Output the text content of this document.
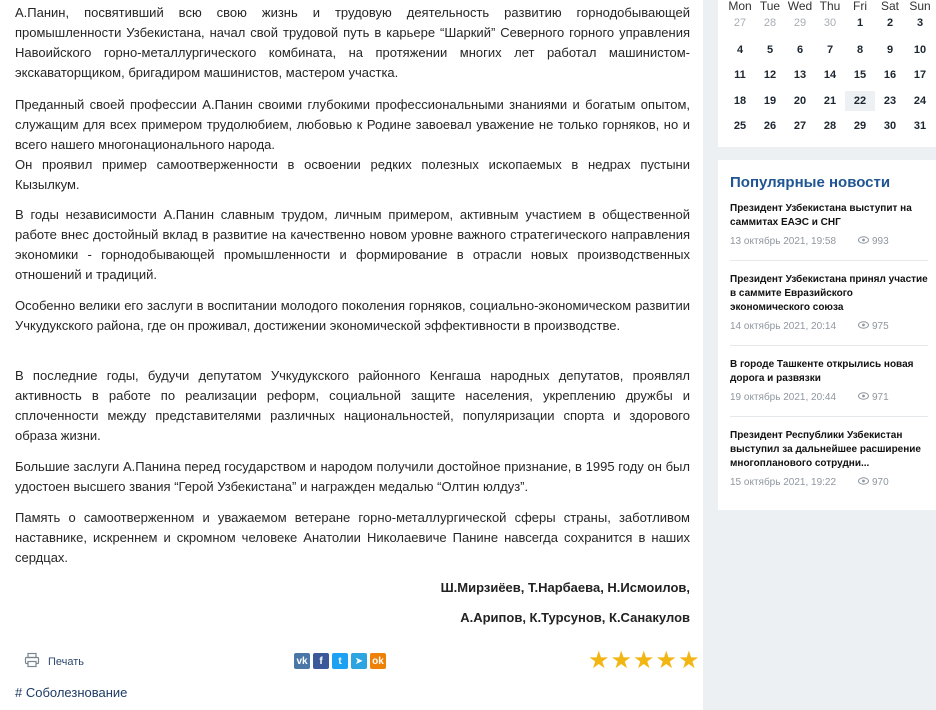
А.Панин, посвятивший всю свою жизнь и трудовую деятельность развитию горнодобывающей промышленности Узбекистана, начал свой трудовой путь в карьере “Шаркий” Северного горного управления Навоийского горно-металлургического комбината, на протяжении многих лет работал машинистом-экскаваторщиком, бригадиром машинистов, мастером участка.

Преданный своей профессии А.Панин своими глубокими профессиональными знаниями и богатым опытом, служащим для всех примером трудолюбием, любовью к Родине завоевал уважение не только горняков, но и всего нашего многонационального народа.

Он проявил пример самоотверженности в освоении редких полезных ископаемых в недрах пустыни Кызылкум.

В годы независимости А.Панин славным трудом, личным примером, активным участием в общественной работе внес достойный вклад в развитие на качественно новом уровне важного стратегического направления экономики - горнодобывающей промышленности и формирование в отрасли новых производственных отношений и традиций.

Особенно велики его заслуги в воспитании молодого поколения горняков, социально-экономическом развитии Учкудукского района, где он проживал, достижении экономической эффективности в производстве.

В последние годы, будучи депутатом Учкудукского районного Кенгаша народных депутатов, проявлял активность в работе по реализации реформ, социальной защите населения, укреплению дружбы и сплоченности между представителями различных национальностей, популяризации спорта и здорового образа жизни.

Большие заслуги А.Панина перед государством и народом получили достойное признание, в 1995 году он был удостоен высшего звания “Герой Узбекистана” и награжден медалью “Олтин юлдуз”.

Память о самоотверженном и уважаемом ветеране горно-металлургической сферы страны, заботливом наставнике, искреннем и скромном человеке Анатолии Николаевиче Панине навсегда сохранится в наших сердцах.

Ш.Мирзиёев, Т.Нарбаева, Н.Исмоилов,
А.Арипов, К.Турсунов, К.Санакулов
Печать	vk	f	t	➤ ok	★ ★ ★ ★ ★
# Соболезнование
Mon Tue Wed Thu	Fri	Sat Sun
27	28	29	30	1	2	3
4	5	6	7	8	9	10
11	12	13	14	15	16	17
18	19	20	21	22	23	24
25	26	27	28	29	30	31
Популярные новости
Президент Узбекистана выступит на саммитах ЕАЭС и СНГ
13 октябрь 2021, 19:58	993
Президент Узбекистана принял участие в саммите Евразийского экономического союза
14 октябрь 2021, 20:14	975
В городе Ташкенте открылись новая дорога и развязки
19 октябрь 2021, 20:44	971
Президент Республики Узбекистан выступил за дальнейшее расширение многопланового сотрудни...
15 октябрь 2021, 19:22	970
